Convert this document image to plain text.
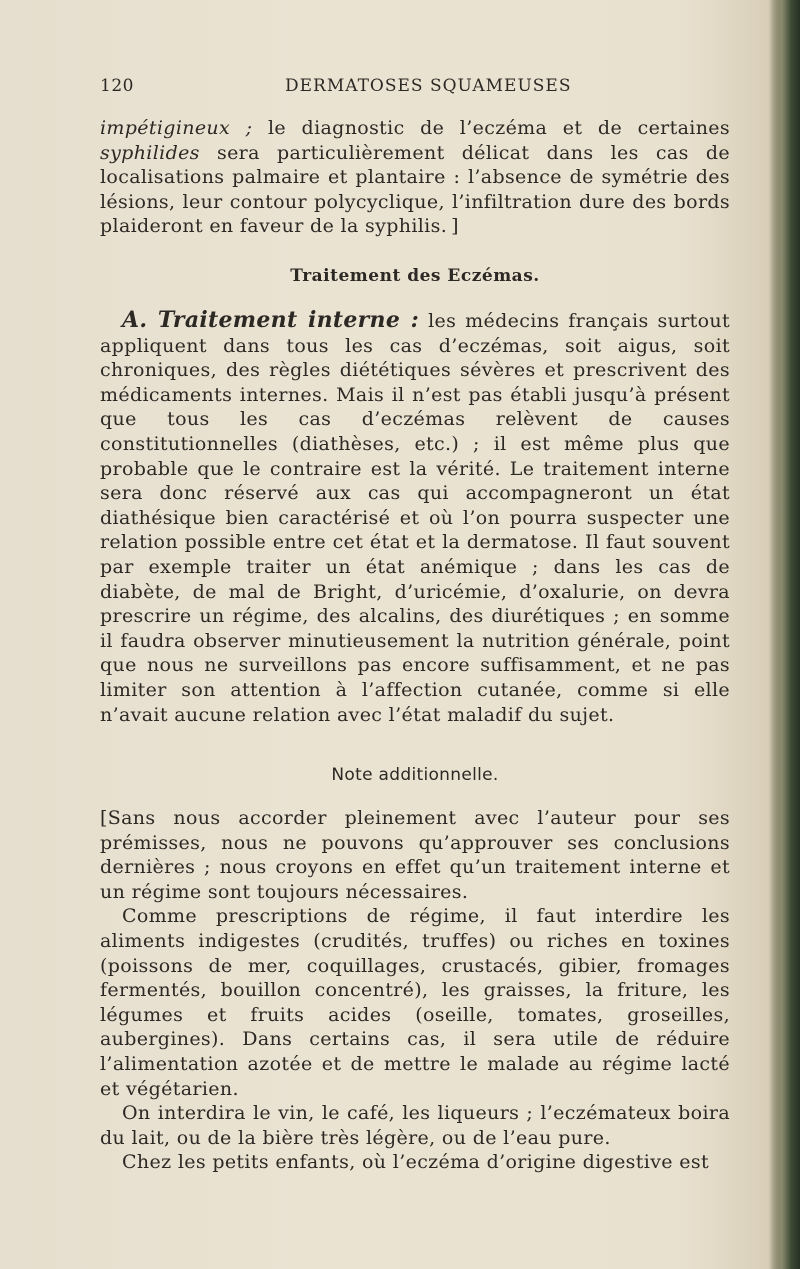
120	DERMATOSES SQUAMEUSES

impétigineux ; le diagnostic de l’eczéma et de certaines syphilides sera particulièrement délicat dans les cas de localisations palmaire et plantaire : l’absence de symétrie des lésions, leur contour polycyclique, l’infiltration dure des bords plaideront en faveur de la syphilis. ]

Traitement des Eczémas.

A. Traitement interne : les médecins français surtout appliquent dans tous les cas d’eczémas, soit aigus, soit chroniques, des règles diététiques sévères et prescrivent des médicaments internes. Mais il n’est pas établi jusqu’à présent que tous les cas d’eczémas relèvent de causes constitutionnelles (diathèses, etc.) ; il est même plus que probable que le contraire est la vérité. Le traitement interne sera donc réservé aux cas qui accompagneront un état diathésique bien caractérisé et où l’on pourra suspecter une relation possible entre cet état et la dermatose. Il faut souvent par exemple traiter un état anémique ; dans les cas de diabète, de mal de Bright, d’uricémie, d’oxalurie, on devra prescrire un régime, des alcalins, des diurétiques ; en somme il faudra observer minutieusement la nutrition générale, point que nous ne surveillons pas encore suffisamment, et ne pas limiter son attention à l’affection cutanée, comme si elle n’avait aucune relation avec l’état maladif du sujet.

Note additionnelle.

[Sans nous accorder pleinement avec l’auteur pour ses prémisses, nous ne pouvons qu’approuver ses conclusions dernières ; nous croyons en effet qu’un traitement interne et un régime sont toujours nécessaires.

Comme prescriptions de régime, il faut interdire les aliments indigestes (crudités, truffes) ou riches en toxines (poissons de mer, coquillages, crustacés, gibier, fromages fermentés, bouillon concentré), les graisses, la friture, les légumes et fruits acides (oseille, tomates, groseilles, aubergines). Dans certains cas, il sera utile de réduire l’alimentation azotée et de mettre le malade au régime lacté et végétarien.

On interdira le vin, le café, les liqueurs ; l’eczémateux boira du lait, ou de la bière très légère, ou de l’eau pure.

Chez les petits enfants, où l’eczéma d’origine digestive est
